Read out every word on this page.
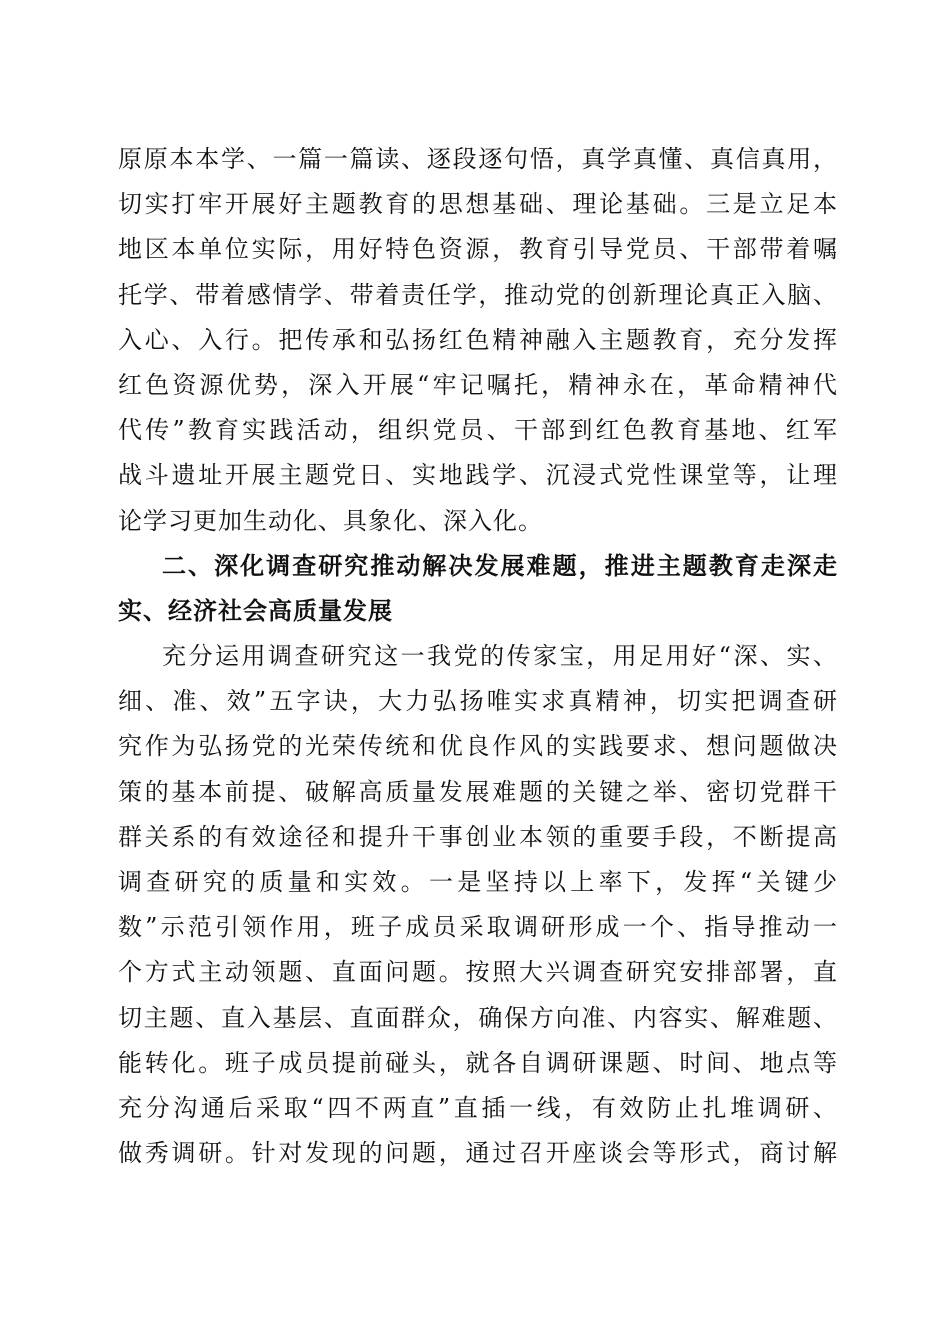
原原本本学、一篇一篇读、逐段逐句悟，真学真懂、真信真用，
切实打牢开展好主题教育的思想基础、理论基础。三是立足本
地区本单位实际，用好特色资源，教育引导党员、干部带着嘱
托学、带着感情学、带着责任学，推动党的创新理论真正入脑、
入心、入行。把传承和弘扬红色精神融入主题教育，充分发挥
红色资源优势，深入开展“牢记嘱托，精神永在，革命精神代
代传”教育实践活动，组织党员、干部到红色教育基地、红军
战斗遗址开展主题党日、实地践学、沉浸式党性课堂等，让理
论学习更加生动化、具象化、深入化。
二、深化调查研究推动解决发展难题，推进主题教育走深走
实、经济社会高质量发展
充分运用调查研究这一我党的传家宝，用足用好“深、实、
细、准、效”五字诀，大力弘扬唯实求真精神，切实把调查研
究作为弘扬党的光荣传统和优良作风的实践要求、想问题做决
策的基本前提、破解高质量发展难题的关键之举、密切党群干
群关系的有效途径和提升干事创业本领的重要手段，不断提高
调查研究的质量和实效。一是坚持以上率下，发挥“关键少
数”示范引领作用，班子成员采取调研形成一个、指导推动一
个方式主动领题、直面问题。按照大兴调查研究安排部署，直
切主题、直入基层、直面群众，确保方向准、内容实、解难题、
能转化。班子成员提前碰头，就各自调研课题、时间、地点等
充分沟通后采取“四不两直”直插一线，有效防止扎堆调研、
做秀调研。针对发现的问题，通过召开座谈会等形式，商讨解
